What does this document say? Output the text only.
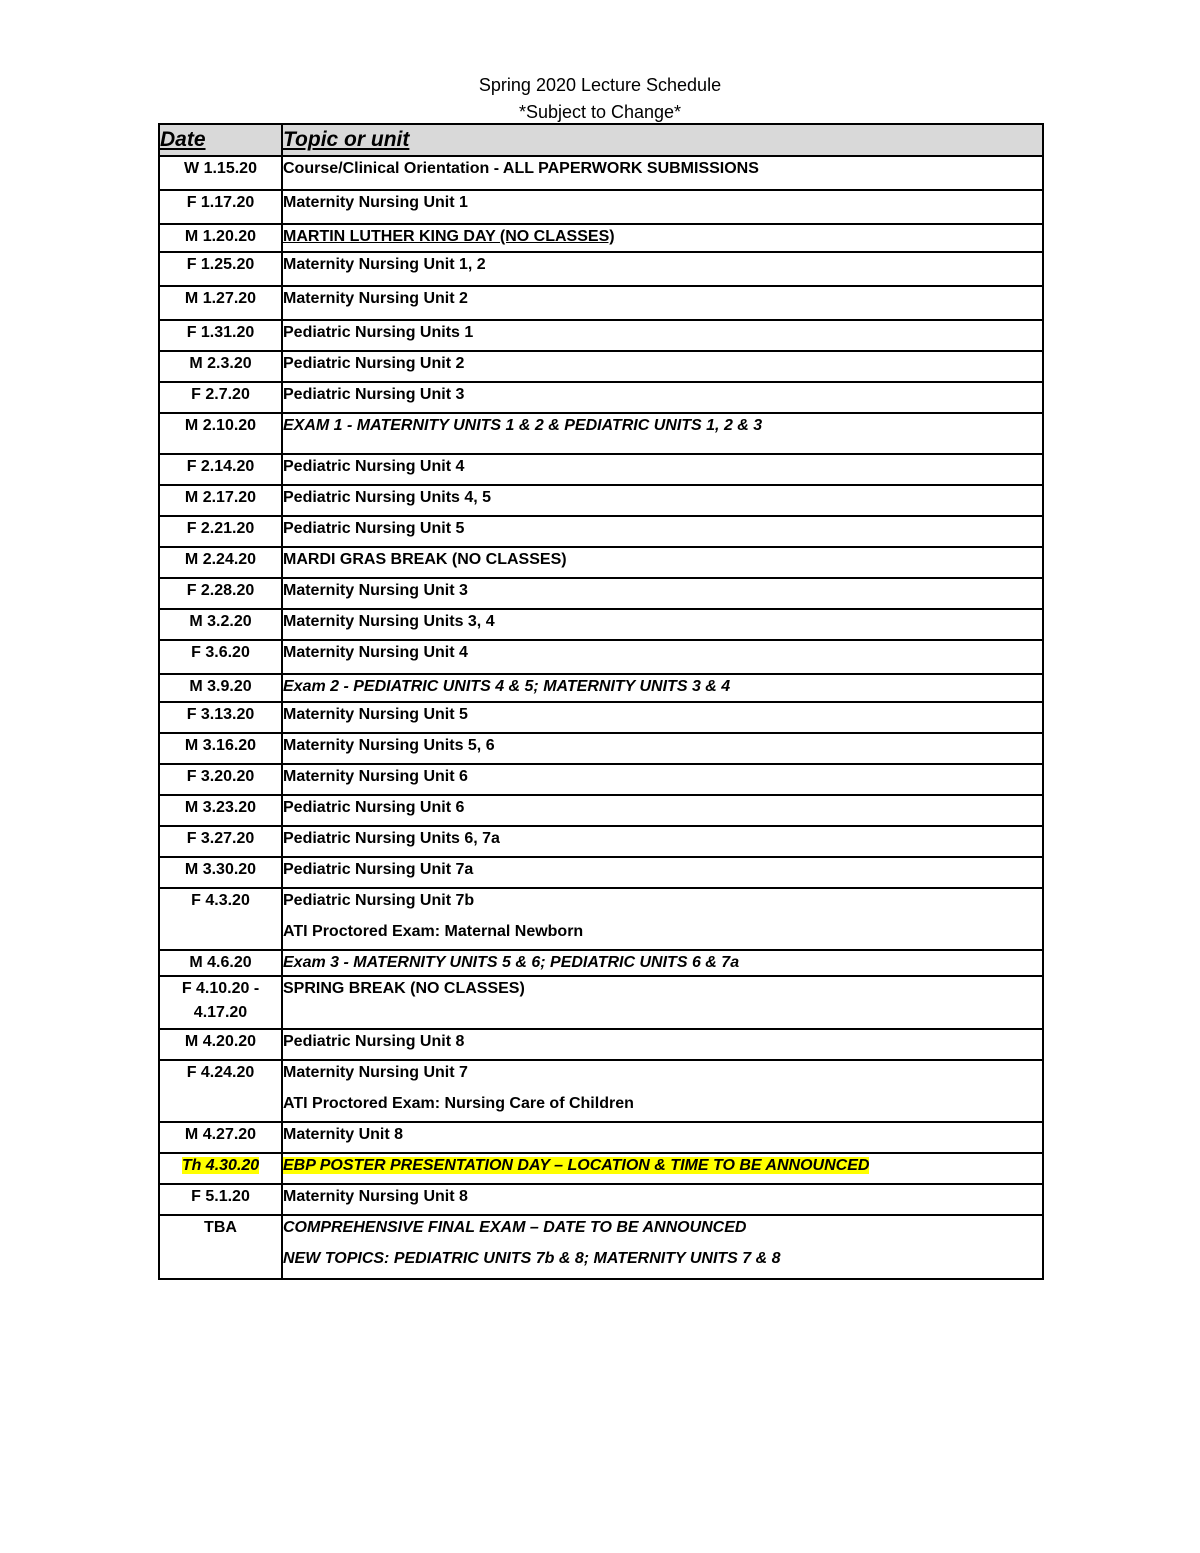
Spring 2020 Lecture Schedule
*Subject to Change*
Date	Topic or unit
W 1.15.20	Course/Clinical Orientation - ALL PAPERWORK SUBMISSIONS

F 1.17.20	Maternity Nursing Unit 1

M 1.20.20	MARTIN LUTHER KING DAY (NO CLASSES)

F 1.25.20	Maternity Nursing Unit 1, 2

M 1.27.20	Maternity Nursing Unit 2

F 1.31.20	Pediatric Nursing Units 1

M 2.3.20	Pediatric Nursing Unit 2

F 2.7.20	Pediatric Nursing Unit 3

M 2.10.20	EXAM 1 - MATERNITY UNITS 1 & 2 & PEDIATRIC UNITS 1, 2 & 3

F 2.14.20	Pediatric Nursing Unit 4

M 2.17.20	Pediatric Nursing Units 4, 5

F 2.21.20	Pediatric Nursing Unit 5

M 2.24.20	MARDI GRAS BREAK (NO CLASSES)

F 2.28.20	Maternity Nursing Unit 3

M 3.2.20	Maternity Nursing Units 3, 4

F 3.6.20	Maternity Nursing Unit 4

M 3.9.20	Exam 2 - PEDIATRIC UNITS 4 & 5; MATERNITY UNITS 3 & 4

F 3.13.20	Maternity Nursing Unit 5

M 3.16.20	Maternity Nursing Units 5, 6

F 3.20.20	Maternity Nursing Unit 6

M 3.23.20	Pediatric Nursing Unit 6

F 3.27.20	Pediatric Nursing Units 6, 7a

M 3.30.20	Pediatric Nursing Unit 7a

F 4.3.20	Pediatric Nursing Unit 7b
ATI Proctored Exam: Maternal Newborn

M 4.6.20	Exam 3 - MATERNITY UNITS 5 & 6; PEDIATRIC UNITS 6 & 7a

F 4.10.20 - 4.17.20	SPRING BREAK (NO CLASSES)

M 4.20.20	Pediatric Nursing Unit 8

F 4.24.20	Maternity Nursing Unit 7
ATI Proctored Exam: Nursing Care of Children

M 4.27.20	Maternity Unit 8

Th 4.30.20	EBP POSTER PRESENTATION DAY – LOCATION & TIME TO BE ANNOUNCED

F 5.1.20	Maternity Nursing Unit 8

TBA	COMPREHENSIVE FINAL EXAM – DATE TO BE ANNOUNCED
NEW TOPICS: PEDIATRIC UNITS 7b & 8; MATERNITY UNITS 7 & 8
